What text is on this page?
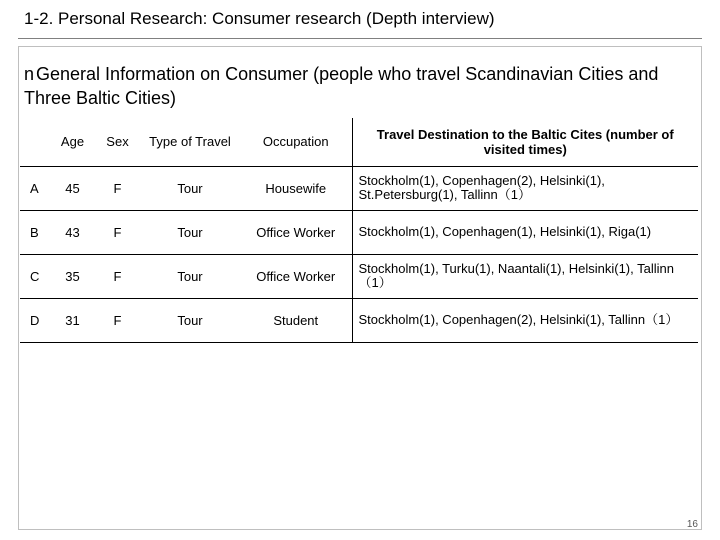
1-2. Personal Research: Consumer research (Depth interview)
n General Information on Consumer (people who travel Scandinavian Cities and Three Baltic Cities)
	Age	Sex	Type of Travel	Occupation	Travel Destination to the Baltic Cites (number of visited times)
A	45	F	Tour	Housewife	Stockholm(1), Copenhagen(2), Helsinki(1), St.Petersburg(1), Tallinn（1）
B	43	F	Tour	Office Worker	Stockholm(1), Copenhagen(1), Helsinki(1), Riga(1)
C	35	F	Tour	Office Worker	Stockholm(1), Turku(1), Naantali(1), Helsinki(1), Tallinn（1）
D	31	F	Tour	Student	Stockholm(1), Copenhagen(2), Helsinki(1), Tallinn（1）
16
